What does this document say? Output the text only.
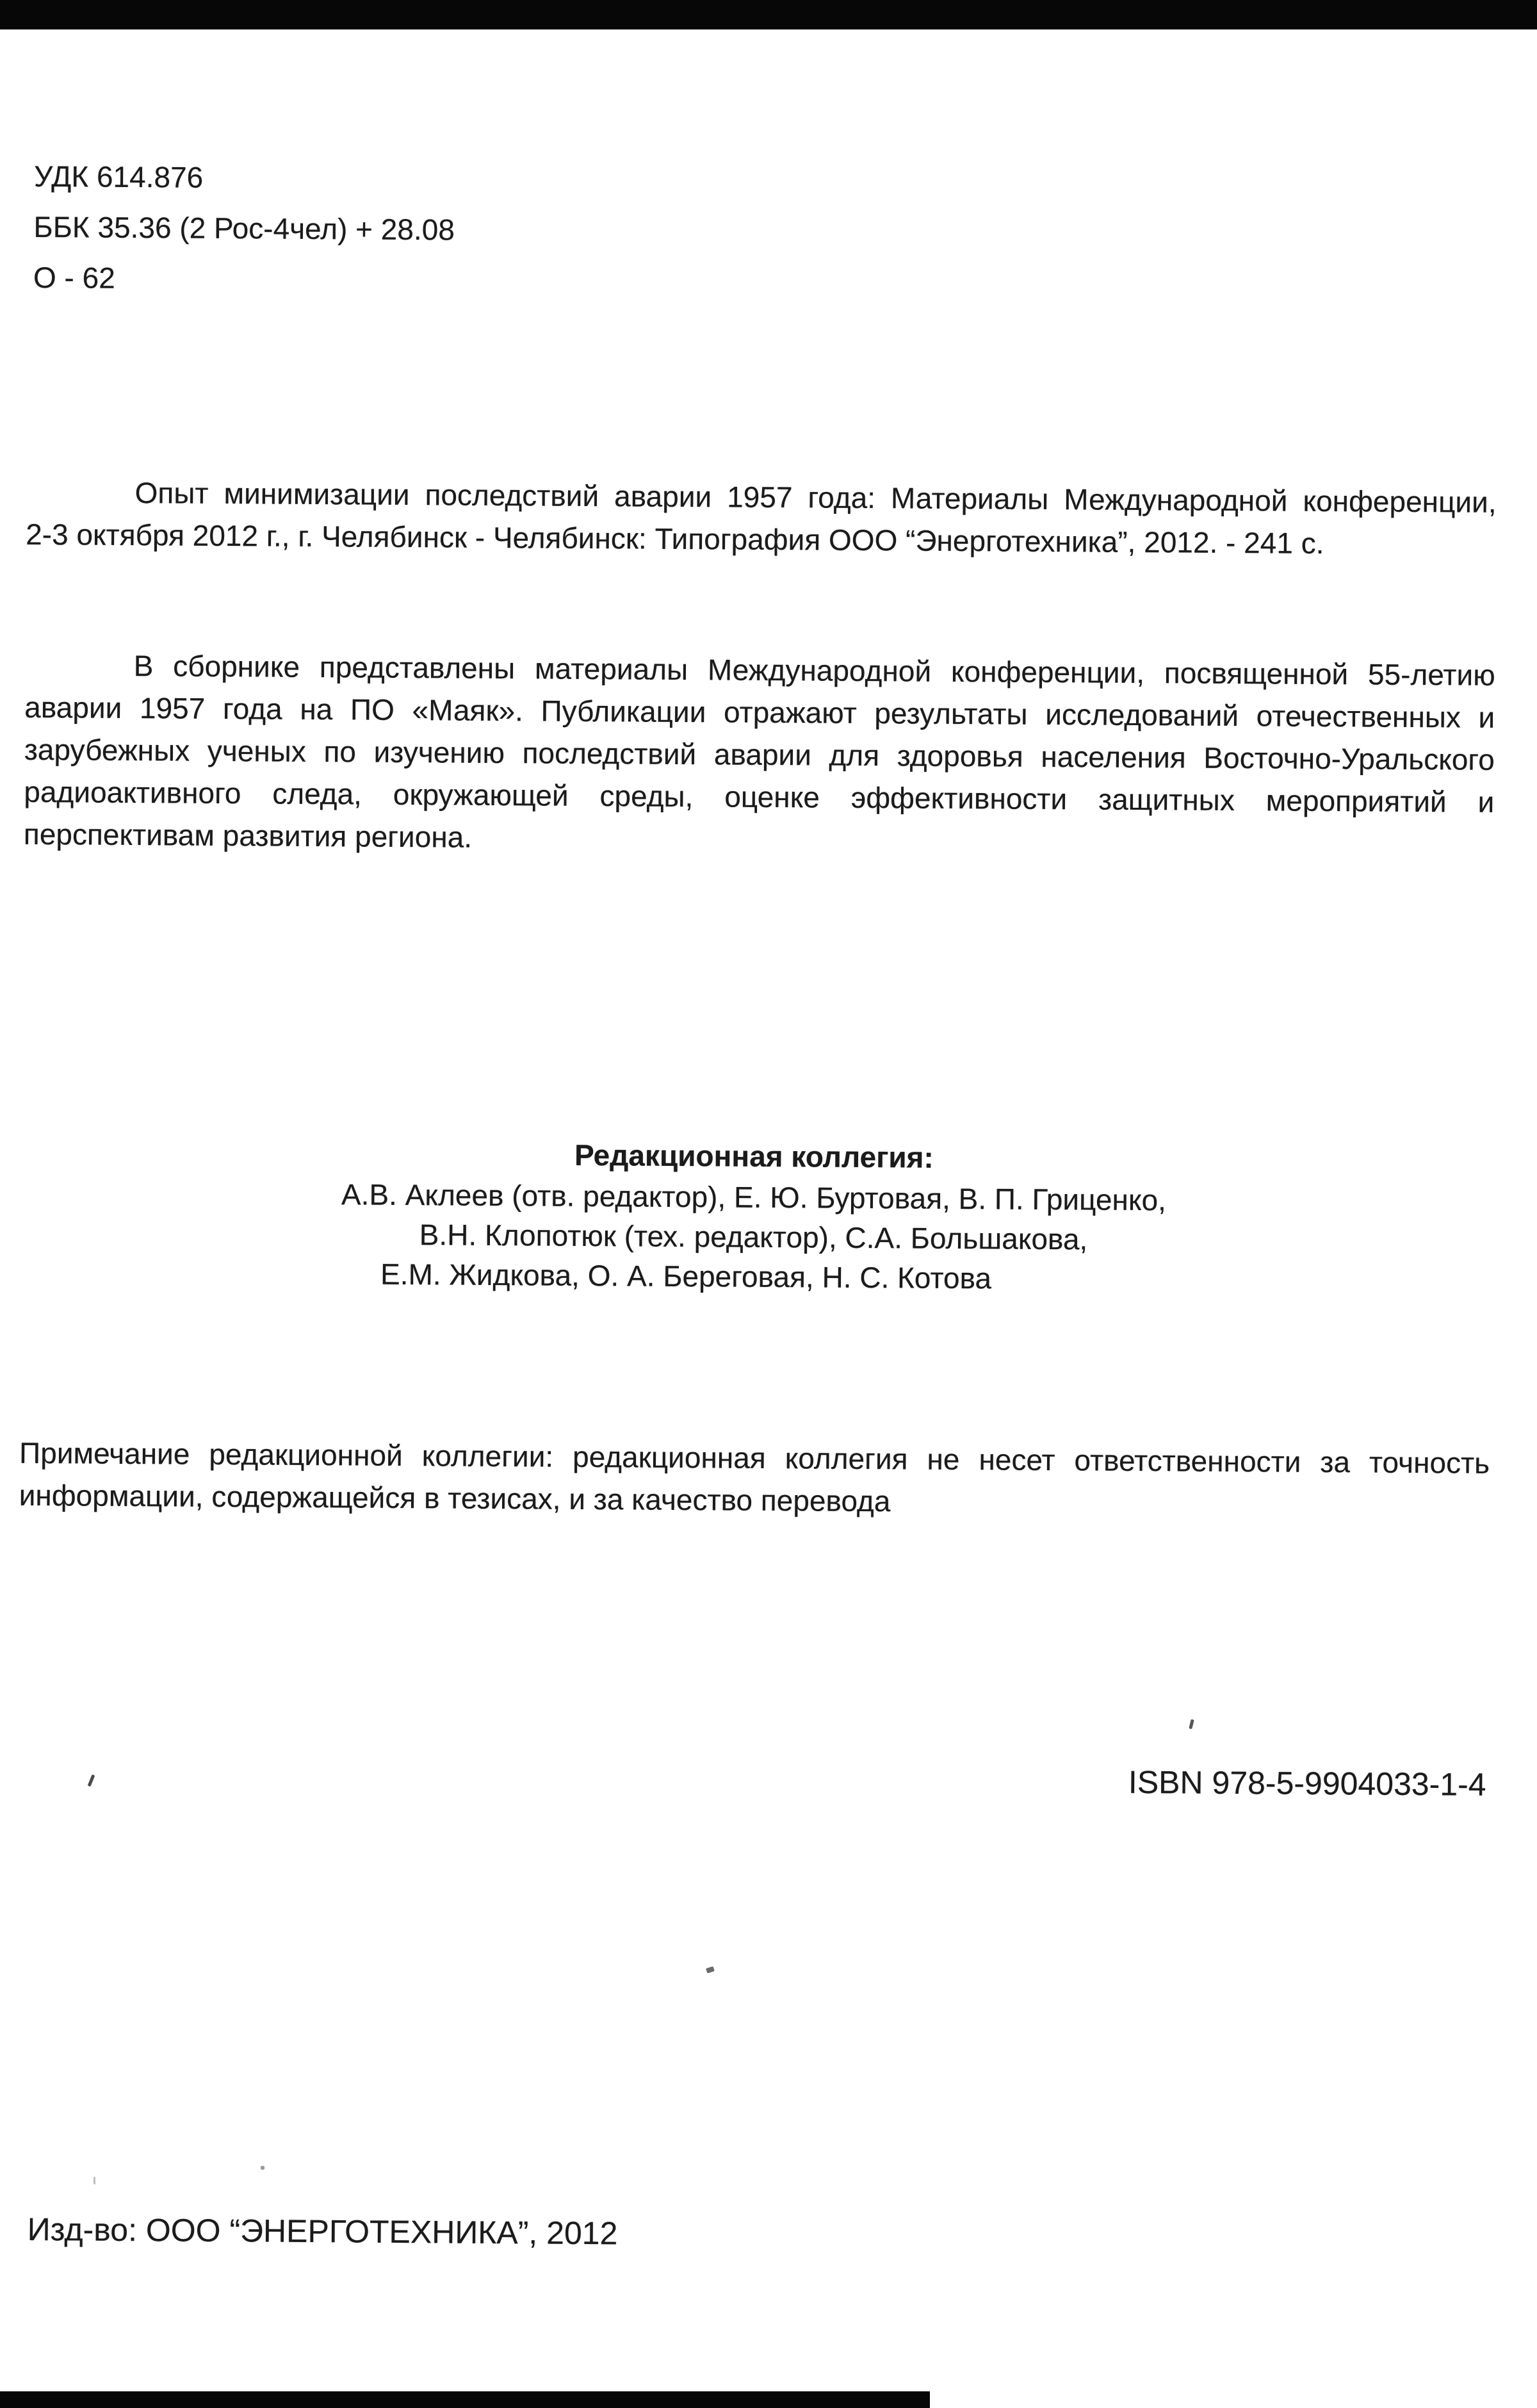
УДК 614.876
ББК 35.36 (2 Рос-4чел) + 28.08
О - 62
Опыт минимизации последствий аварии 1957 года: Материалы Международной конференции,
2-3 октября 2012 г., г. Челябинск - Челябинск: Типография ООО “Энерготехника”, 2012. - 241 с.
В сборнике представлены материалы Международной конференции, посвященной 55-летию
аварии 1957 года на ПО «Маяк». Публикации отражают результаты исследований отечественных и
зарубежных ученых по изучению последствий аварии для здоровья населения Восточно-Уральского
радиоактивного следа, окружающей среды, оценке эффективности защитных мероприятий и
перспективам развития региона.
Редакционная коллегия:
А.В. Аклеев (отв. редактор), Е. Ю. Буртовая, В. П. Гриценко,
В.Н. Клопотюк (тех. редактор), С.А. Большакова,
Е.М. Жидкова, О. А. Береговая, Н. С. Котова
Примечание редакционной коллегии: редакционная коллегия не несет ответственности за точность
информации, содержащейся в тезисах, и за качество перевода
ISBN 978-5-9904033-1-4
Изд-во: ООО “ЭНЕРГОТЕХНИКА”, 2012
